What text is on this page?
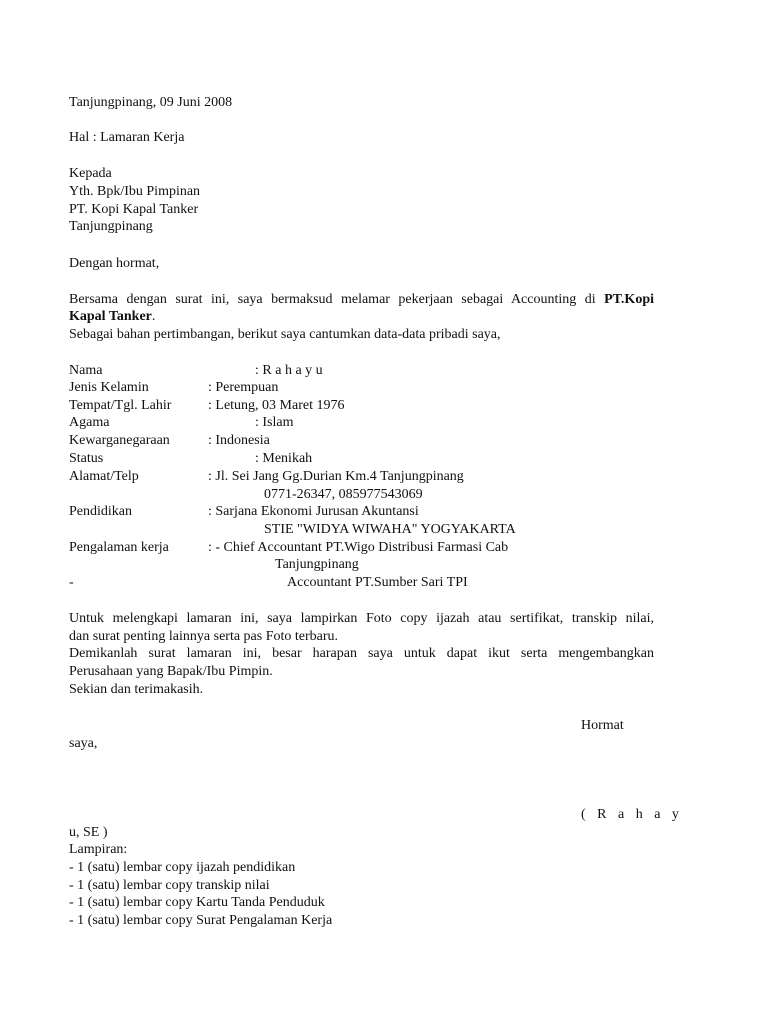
Tanjungpinang, 09 Juni 2008

Hal : Lamaran Kerja

Kepada

Yth. Bpk/Ibu Pimpinan

PT. Kopi Kapal Tanker

Tanjungpinang

Dengan hormat,

Bersama dengan surat ini, saya bermaksud melamar pekerjaan sebagai Accounting di PT.Kopi

Kapal Tanker.

Sebagai bahan pertimbangan, berikut saya cantumkan data-data pribadi saya,

Nama	: R a h a y u
Jenis Kelamin	: Perempuan
Tempat/Tgl. Lahir	: Letung, 03 Maret 1976
Agama	: Islam
Kewarganegaraan	: Indonesia
Status	: Menikah
Alamat/Telp	: Jl. Sei Jang Gg.Durian Km.4 Tanjungpinang
0771-26347, 085977543069
Pendidikan	: Sarjana Ekonomi Jurusan Akuntansi
STIE "WIDYA WIWAHA" YOGYAKARTA
Pengalaman kerja	: - Chief Accountant PT.Wigo Distribusi Farmasi Cab
Tanjungpinang
-	Accountant PT.Sumber Sari TPI
Untuk melengkapi lamaran ini, saya lampirkan Foto copy ijazah atau sertifikat, transkip nilai,

dan surat penting lainnya serta pas Foto terbaru.

Demikanlah surat lamaran ini, besar harapan saya untuk dapat ikut serta mengembangkan

Perusahaan yang Bapak/Ibu Pimpin.

Sekian dan terimakasih.

Hormat

saya,

( R a h a y

u, SE )

Lampiran:

- 1 (satu) lembar copy ijazah pendidikan

- 1 (satu) lembar copy transkip nilai

- 1 (satu) lembar copy Kartu Tanda Penduduk

- 1 (satu) lembar copy Surat Pengalaman Kerja
